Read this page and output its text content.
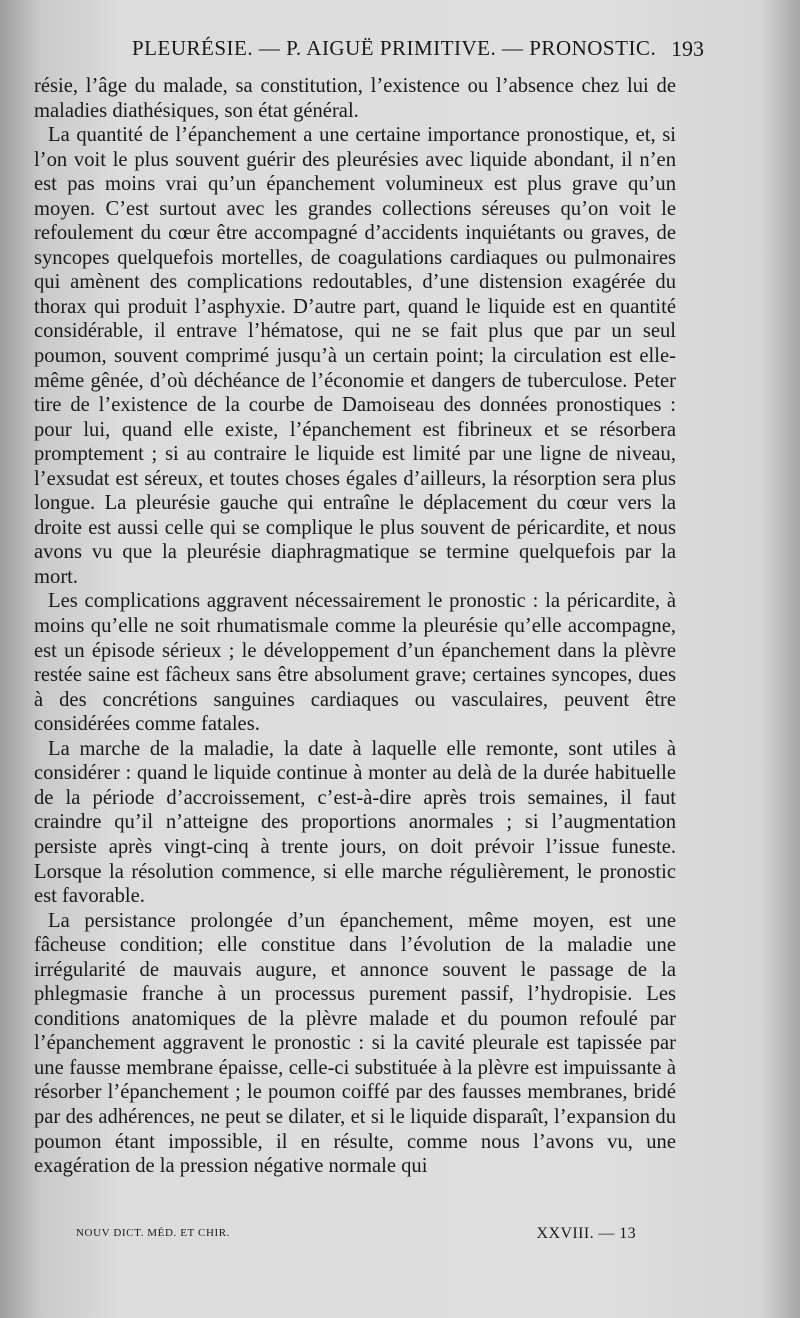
PLEURÉSIE. — P. AIGUË PRIMITIVE. — PRONOSTIC. 193

résie, l’âge du malade, sa constitution, l’existence ou l’absence chez lui de maladies diathésiques, son état général.

La quantité de l’épanchement a une certaine importance pronostique, et, si l’on voit le plus souvent guérir des pleurésies avec liquide abondant, il n’en est pas moins vrai qu’un épanchement volumineux est plus grave qu’un moyen. C’est surtout avec les grandes collections séreuses qu’on voit le refoulement du cœur être accompagné d’accidents inquiétants ou graves, de syncopes quelquefois mortelles, de coagulations cardiaques ou pulmonaires qui amènent des complications redoutables, d’une distension exagérée du thorax qui produit l’asphyxie. D’autre part, quand le liquide est en quantité considérable, il entrave l’hématose, qui ne se fait plus que par un seul poumon, souvent comprimé jusqu’à un certain point; la circulation est elle-même gênée, d’où déchéance de l’économie et dangers de tuberculose. Peter tire de l’existence de la courbe de Damoiseau des données pronostiques : pour lui, quand elle existe, l’épanchement est fibrineux et se résorbera promptement ; si au contraire le liquide est limité par une ligne de niveau, l’exsudat est séreux, et toutes choses égales d’ailleurs, la résorption sera plus longue. La pleurésie gauche qui entraîne le déplacement du cœur vers la droite est aussi celle qui se complique le plus souvent de péricardite, et nous avons vu que la pleurésie diaphragmatique se termine quelquefois par la mort.

Les complications aggravent nécessairement le pronostic : la péricardite, à moins qu’elle ne soit rhumatismale comme la pleurésie qu’elle accompagne, est un épisode sérieux ; le développement d’un épanchement dans la plèvre restée saine est fâcheux sans être absolument grave; certaines syncopes, dues à des concrétions sanguines cardiaques ou vasculaires, peuvent être considérées comme fatales.

La marche de la maladie, la date à laquelle elle remonte, sont utiles à considérer : quand le liquide continue à monter au delà de la durée habituelle de la période d’accroissement, c’est-à-dire après trois semaines, il faut craindre qu’il n’atteigne des proportions anormales ; si l’augmentation persiste après vingt-cinq à trente jours, on doit prévoir l’issue funeste. Lorsque la résolution commence, si elle marche régulièrement, le pronostic est favorable.

La persistance prolongée d’un épanchement, même moyen, est une fâcheuse condition; elle constitue dans l’évolution de la maladie une irrégularité de mauvais augure, et annonce souvent le passage de la phlegmasie franche à un processus purement passif, l’hydropisie. Les conditions anatomiques de la plèvre malade et du poumon refoulé par l’épanchement aggravent le pronostic : si la cavité pleurale est tapissée par une fausse membrane épaisse, celle-ci substituée à la plèvre est impuissante à résorber l’épanchement ; le poumon coiffé par des fausses membranes, bridé par des adhérences, ne peut se dilater, et si le liquide disparaît, l’expansion du poumon étant impossible, il en résulte, comme nous l’avons vu, une exagération de la pression négative normale qui

NOUV DICT. MÉD. ET CHIR.	XXVIII. — 13
